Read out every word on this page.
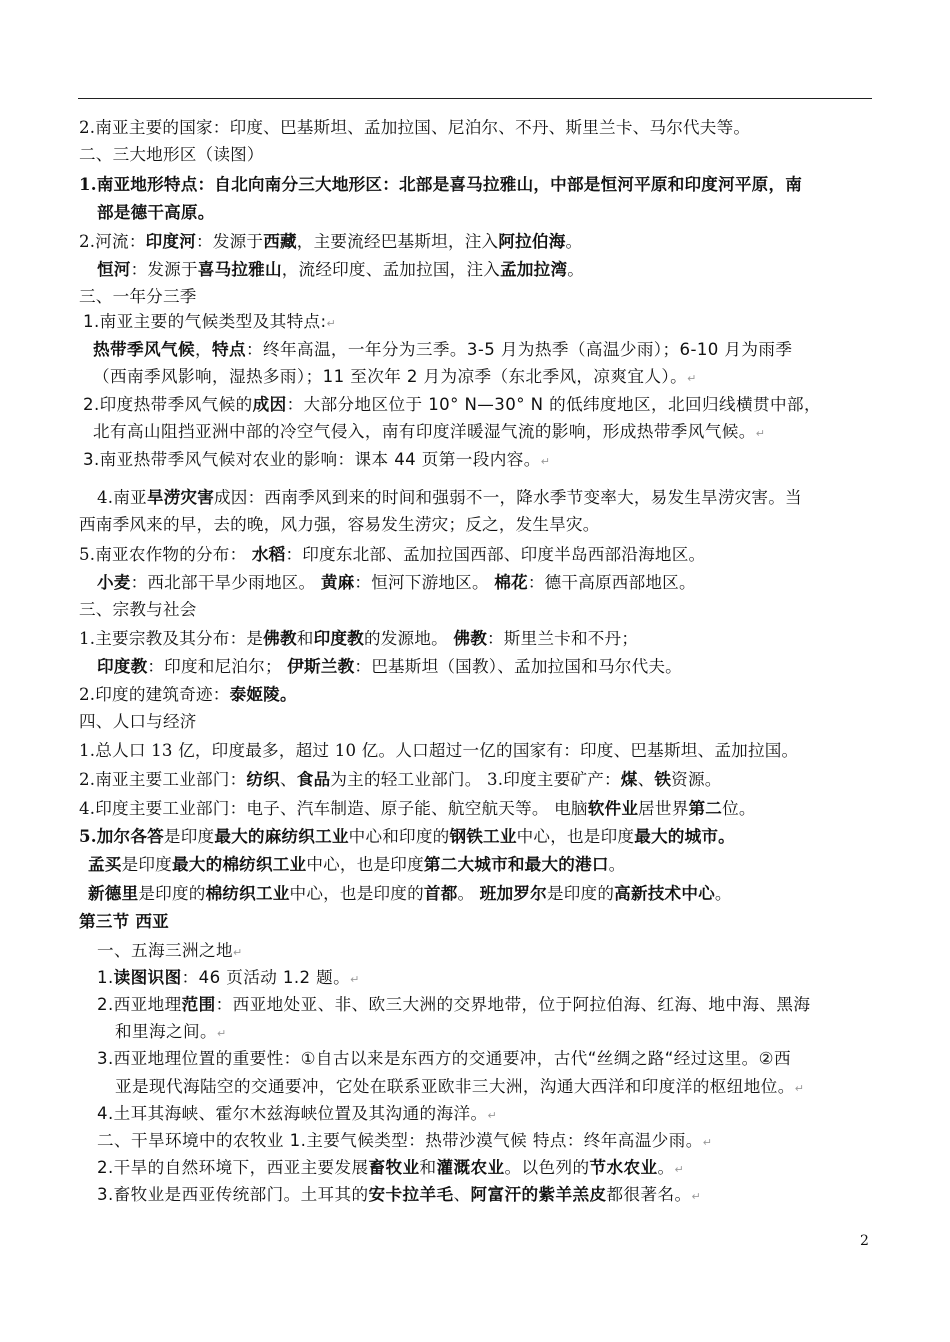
2.南亚主要的国家：印度、巴基斯坦、孟加拉国、尼泊尔、不丹、斯里兰卡、马尔代夫等。
二、三大地形区（读图）
1.南亚地形特点：自北向南分三大地形区：北部是喜马拉雅山，中部是恒河平原和印度河平原，南
部是德干高原。
2.河流：印度河：发源于西藏，主要流经巴基斯坦，注入阿拉伯海。
恒河：发源于喜马拉雅山，流经印度、孟加拉国，注入孟加拉湾。
三、一年分三季
1.南亚主要的气候类型及其特点:↵
热带季风气候，特点：终年高温，一年分为三季。3-5 月为热季（高温少雨）；6-10 月为雨季
（西南季风影响，湿热多雨）；11 至次年 2 月为凉季（东北季风，凉爽宜人）。↵
2.印度热带季风气候的成因：大部分地区位于 10° N—30° N 的低纬度地区，北回归线横贯中部，
北有高山阻挡亚洲中部的冷空气侵入，南有印度洋暖湿气流的影响，形成热带季风气候。↵
3.南亚热带季风气候对农业的影响：课本 44 页第一段内容。↵
4.南亚旱涝灾害成因：西南季风到来的时间和强弱不一，降水季节变率大，易发生旱涝灾害。当
西南季风来的早，去的晚，风力强，容易发生涝灾；反之，发生旱灾。
5.南亚农作物的分布： 水稻：印度东北部、孟加拉国西部、印度半岛西部沿海地区。
小麦：西北部干旱少雨地区。 黄麻：恒河下游地区。 棉花：德干高原西部地区。
三、宗教与社会
1.主要宗教及其分布：是佛教和印度教的发源地。 佛教：斯里兰卡和不丹；
印度教：印度和尼泊尔； 伊斯兰教：巴基斯坦（国教）、孟加拉国和马尔代夫。
2.印度的建筑奇迹：泰姬陵。
四、人口与经济
1.总人口 13 亿，印度最多，超过 10 亿。人口超过一亿的国家有：印度、巴基斯坦、孟加拉国。
2.南亚主要工业部门：纺织、食品为主的轻工业部门。 3.印度主要矿产：煤、铁资源。
4.印度主要工业部门：电子、汽车制造、原子能、航空航天等。 电脑软件业居世界第二位。
5.加尔各答是印度最大的麻纺织工业中心和印度的钢铁工业中心，也是印度最大的城市。
孟买是印度最大的棉纺织工业中心，也是印度第二大城市和最大的港口。
新德里是印度的棉纺织工业中心，也是印度的首都。 班加罗尔是印度的高新技术中心。
第三节 西亚
一、五海三洲之地↵
1.读图识图：46 页活动 1.2 题。↵
2.西亚地理范围：西亚地处亚、非、欧三大洲的交界地带，位于阿拉伯海、红海、地中海、黑海
和里海之间。↵
3.西亚地理位置的重要性：①自古以来是东西方的交通要冲，古代“丝绸之路“经过这里。②西
亚是现代海陆空的交通要冲，它处在联系亚欧非三大洲，沟通大西洋和印度洋的枢纽地位。↵
4.土耳其海峡、霍尔木兹海峡位置及其沟通的海洋。↵
二、干旱环境中的农牧业 1.主要气候类型：热带沙漠气候 特点：终年高温少雨。↵
2.干旱的自然环境下，西亚主要发展畜牧业和灌溉农业。以色列的节水农业。↵
3.畜牧业是西亚传统部门。土耳其的安卡拉羊毛、阿富汗的紫羊羔皮都很著名。↵
2
